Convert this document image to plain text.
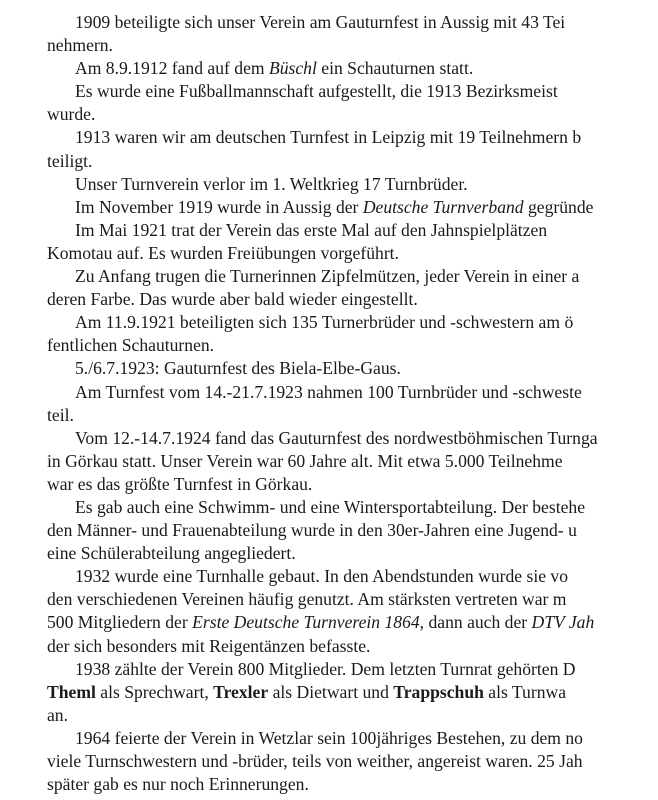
1909 beteiligte sich unser Verein am Gauturnfest in Aussig mit 43 Tei
nehmern.
Am 8.9.1912 fand auf dem Büschl ein Schauturnen statt.
Es wurde eine Fußballmannschaft aufgestellt, die 1913 Bezirksmeist
wurde.
1913 waren wir am deutschen Turnfest in Leipzig mit 19 Teilnehmern b
teiligt.
Unser Turnverein verlor im 1. Weltkrieg 17 Turnbrüder.
Im November 1919 wurde in Aussig der Deutsche Turnverband gegründe
Im Mai 1921 trat der Verein das erste Mal auf den Jahnspielplätzen
Komotau auf. Es wurden Freiübungen vorgeführt.
Zu Anfang trugen die Turnerinnen Zipfelmützen, jeder Verein in einer a
deren Farbe. Das wurde aber bald wieder eingestellt.
Am 11.9.1921 beteiligten sich 135 Turnerbrüder und -schwestern am ö
fentlichen Schauturnen.
5./6.7.1923: Gauturnfest des Biela-Elbe-Gaus.
Am Turnfest vom 14.-21.7.1923 nahmen 100 Turnbrüder und -schweste
teil.
Vom 12.-14.7.1924 fand das Gauturnfest des nordwestböhmischen Turnga
in Görkau statt. Unser Verein war 60 Jahre alt. Mit etwa 5.000 Teilnehme
war es das größte Turnfest in Görkau.
Es gab auch eine Schwimm- und eine Wintersportabteilung. Der bestehe
den Männer- und Frauenabteilung wurde in den 30er-Jahren eine Jugend- u
eine Schülerabteilung angegliedert.
1932 wurde eine Turnhalle gebaut. In den Abendstunden wurde sie vo
den verschiedenen Vereinen häufig genutzt. Am stärksten vertreten war m
500 Mitgliedern der Erste Deutsche Turnverein 1864, dann auch der DTV Jah
der sich besonders mit Reigentänzen befasste.
1938 zählte der Verein 800 Mitglieder. Dem letzten Turnrat gehörten D
Theml als Sprechwart, Trexler als Dietwart und Trappschuh als Turnwa
an.
1964 feierte der Verein in Wetzlar sein 100jähriges Bestehen, zu dem no
viele Turnschwestern und -brüder, teils von weither, angereist waren. 25 Jah
später gab es nur noch Erinnerungen.
